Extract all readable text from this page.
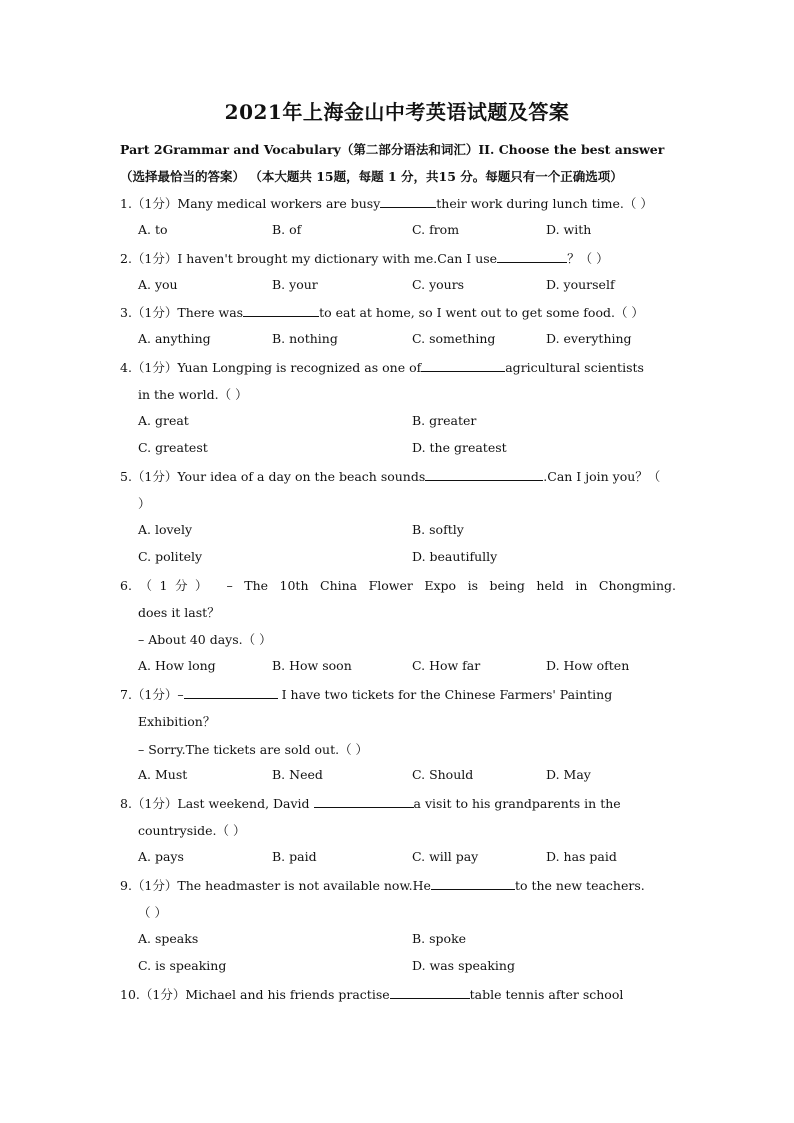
2021年上海金山中考英语试题及答案
Part 2Grammar and Vocabulary（第二部分语法和词汇）II. Choose the best answer （选择最恰当的答案） （本大题共 15题，每题 1 分，共15 分。每题只有一个正确选项）
1.（1分）Many medical workers are busy	their work during lunch time.（ ）
A. to	B. of	C. from	D. with
2.（1分）I haven't brought my dictionary with me.Can I use	？（ ）
A. you	B. your	C. yours	D. yourself
3.（1分）There was	to eat at home, so I went out to get some food.（ ）
A. anything	B. nothing	C. something	D. everything
4.（1分）Yuan Longping is recognized as one of	agricultural scientists
in the world.（ ）
A. great	B. greater
C. greatest	D. the greatest
5.（1分）Your idea of a day on the beach sounds	.Can I join you？（
）
A. lovely	B. softly
C. politely	D. beautifully
6.（1分） – The 10th China Flower Expo is being held in Chongming.
does it last？
– About 40 days.（ ）
A. How long	B. How soon	C. How far	D. How often
7.（1分）–	I have two tickets for the Chinese Farmers' Painting
Exhibition？
– Sorry.The tickets are sold out.（ ）
A. Must	B. Need	C. Should	D. May
8.（1分）Last weekend, David	a visit to his grandparents in the
countryside.（ ）
A. pays	B. paid	C. will pay	D. has paid
9.（1分）The headmaster is not available now.He	to the new teachers.
（ ）
A. speaks	B. spoke
C. is speaking	D. was speaking
10.（1分）Michael and his friends practise	table tennis after school
